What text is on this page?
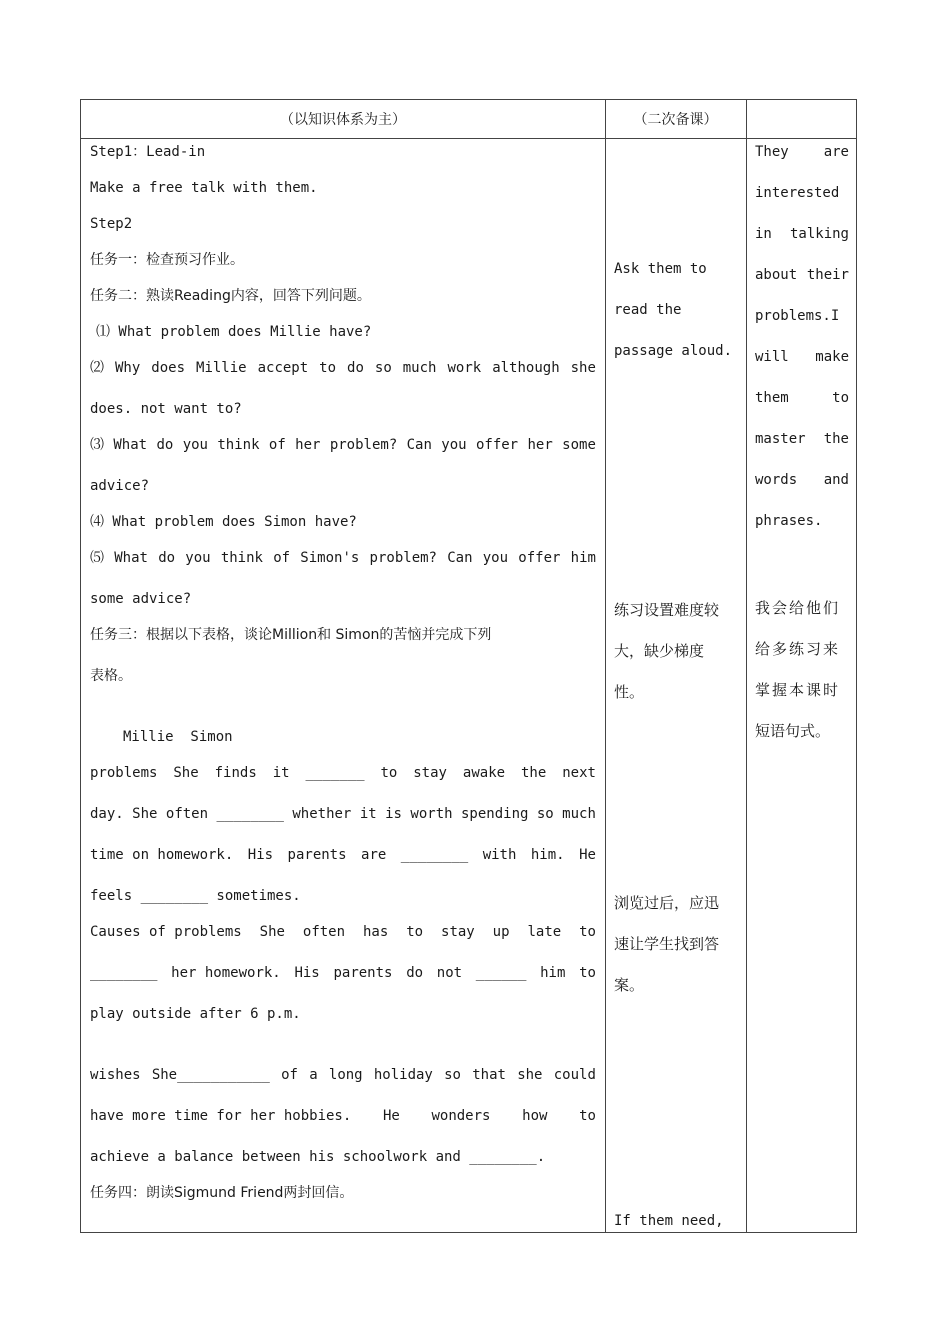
（以知识体系为主）	（二次备课）
Step1：Lead-in
Make a free talk with them.
Step2
任务一：检查预习作业。
任务二：熟读Reading内容，回答下列问题。
⑴ What problem does Millie have?
⑵ Why does Millie accept to do so much work although she
does. not want to?
⑶ What do you think of her problem? Can you offer her some
advice?
⑷ What problem does Simon have?
⑸ What do you think of Simon's problem? Can you offer him
some advice?
任务三：根据以下表格，谈论Million和 Simon的苦恼并完成下列
表格。
Millie  Simon
problems She finds it _______ to stay awake the next
day. She often ________ whether it is worth spending so much
time on homework. His parents are ________ with him. He
feels ________ sometimes.
Causes of problems She often has to stay up late to
________ her homework. His parents do not ______ him to
play outside after 6 p.m.
wishes She___________ of a long holiday so that she could
have more time for her hobbies. He wonders how to
achieve a balance between his schoolwork and ________.
任务四：朗读Sigmund Friend两封回信。
Ask them to
read the
passage aloud.
练习设置难度较
大，缺少梯度
性。
浏览过后，应迅
速让学生找到答
案。
If them need,
They are
interested
in talking
about their
problems.I
will make
them	to
master the
words and
phrases.
我会给他们
给多练习来
掌握本课时
短语句式。
